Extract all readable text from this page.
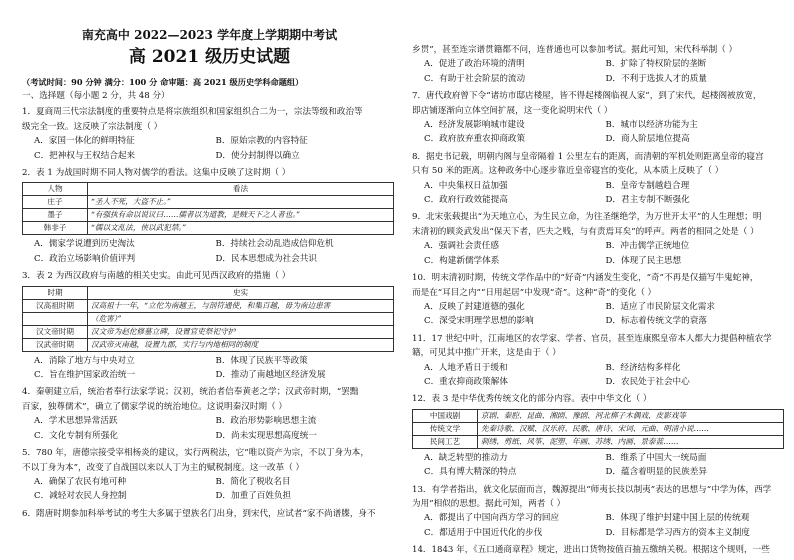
南充高中 2022—2023 学年度上学期期中考试
高 2021 级历史试题
（考试时间：90 分钟 满分：100 分 命审题：高 2021 级历史学科命题组）
一、选择题（每小题 2 分，共 48 分）
1．夏商周三代宗法制度的重要特点是将宗族组织和国家组织合二为一，宗法等级和政治等
级完全一致。这反映了宗法制度（ ）
A．家国一体化的鲜明特征	B．原始宗教的内容特征
C．把神权与王权结合起来	D．使分封制得以确立
2．表 1 为战国时期不同人物对儒学的看法。这集中反映了这时期（ ）
人物	看法
庄子	“圣人不死，大盗不止。”
墨子	“有强执有命以说议曰……儒者以为道教，是贼天下之人者也。”
韩非子	“儒以文乱法，侠以武犯禁。”
A．儒家学说遭到历史淘汰	B．持续社会动乱造成信仰危机
C．政治立场影响价值评判	D．民本思想成为社会共识
3．表 2 为西汉政府与南越的相关史实。由此可见西汉政府的措施（ ）
时期	史实
汉高祖时期	汉高祖十一年，“立佗为南越王，与剖符通使，和集百越，毋为南边患害
	（危害）”
汉文帝时期	汉文帝为赵佗修墓立碑，设置官吏祭祀守护
汉武帝时期	汉武帝灭南越，设置九郡，实行与内地相同的制度
A．消除了地方与中央对立	B．体现了民族平等政策
C．旨在维护国家政治统一	D．推动了南越地区经济发展
4．秦朝建立后，统治者奉行法家学说；汉初，统治者信奉黄老之学；汉武帝时期，“罢黜
百家，独尊儒术”，确立了儒家学说的统治地位。这说明秦汉时期（ ）
A．学术思想异常活跃	B．政治形势影响思想主流
C．文化专制有所强化	D．尚未实现思想高度统一
5．780 年，唐德宗接受宰相杨炎的建议，实行两税法，它“唯以资产为宗，不以丁身为本，
不以丁身为本”，改变了自战国以来以人丁为主的赋税制度。这一改革（ ）
A．确保了农民有地可种	B．简化了税收名目
C．减轻对农民人身控制	D．加重了百姓负担
6．隋唐时期参加科举考试的考生大多属于望族名门出身，到宋代，应试者“家不尚谱牒，身不
乡贯”，甚至连宗谱贯籍都不问，连普通也可以参加考试。据此可知，宋代科举制（ ）
A．促进了政治环境的清明	B．扩除了特权阶层的垄断
C．有助于社会阶层的流动	D．不利于选拔人才的质量
7．唐代政府曾下令“诸坊市邸店楼屋，皆不得起楼阁临视人家”，到了宋代，起楼阁被放宽，
即店铺逐渐向立体空间扩展，这一变化说明宋代（ ）
A．经济发展影响城市建设	B．城市以经济功能为主
C．政府放弃重农抑商政策	D．商人阶层地位提高
8．据史书记载，明朝内阁与皇帝隔着 1 公里左右的距离，而清朝的军机处则距离皇帝的寝宫
只有 50 米的距离。这种政务中心逐步靠近皇帝寝宫的变化，从本质上反映了（ ）
A．中央集权日益加强	B．皇帝专制越趋合理
C．政府行政效能提高	D．君主专制不断强化
9．北宋张载提出“为天地立心，为生民立命，为往圣继绝学，为万世开太平”的人生理想；明
末清初的顾炎武发出“保天下者，匹夫之贱，与有责焉耳矣”的呼声。两者的相同之处是（ ）
A．强调社会责任感	B．冲击儒学正统地位
C．构建新儒学体系	D．体现了民主思想
10．明末清初时期，传统文学作品中的“好奇”内涵发生变化，“奇”不再是仅描写牛鬼蛇神，
而是在“耳目之内”“日用起居”中发现“奇”。这种“奇”的变化（ ）
A．反映了封建道德的强化	B．适应了市民阶层文化需求
C．深受宋明理学思想的影响	D．标志着传统文学的衰落
11．17 世纪中叶，江南地区的农学家、学者、官员，甚至连康熙皇帝本人都大力提倡种植农学
籍，可见其中推广开来，这是由于（ ）
A．人地矛盾日于缓和	B．经济结构多样化
C．重农抑商政策解体	D．农民处于社会中心
12．表 3 是中华优秀传统文化的部分内容。表中中华文化（ ）
中国戏剧	京剧、秦腔、昆曲、湘剧、豫剧、河北梆子木偶戏、皮影戏等
传统文学	先秦诗歌、汉赋、汉乐府、民歌、唐诗、宋词、元曲、明清小说……
民间工艺	刺绣、剪纸、风筝、泥塑、年画、苏绣、内画、景泰蓝……
A．缺乏转型的推动力	B．维系了中国大一统局面
C．具有博大精深的特点	D．蕴含着明显的民族差异
13．有学者指出，就文化层面而言，魏源提出“师夷长技以制夷”表达的思想与“中学为体，西学
为用”相似的思想。据此可知，两者（ ）
A．都提出了中国向西方学习的回应	B．体现了维护封建中国上层的传统观
C．都适用于中国近代化的步伐	D．目标都是学习西方的资本主义制度
14．1843 年，《五口通商章程》规定，进出口货物按值百抽五缴纳关税。根据这个规则，一些
